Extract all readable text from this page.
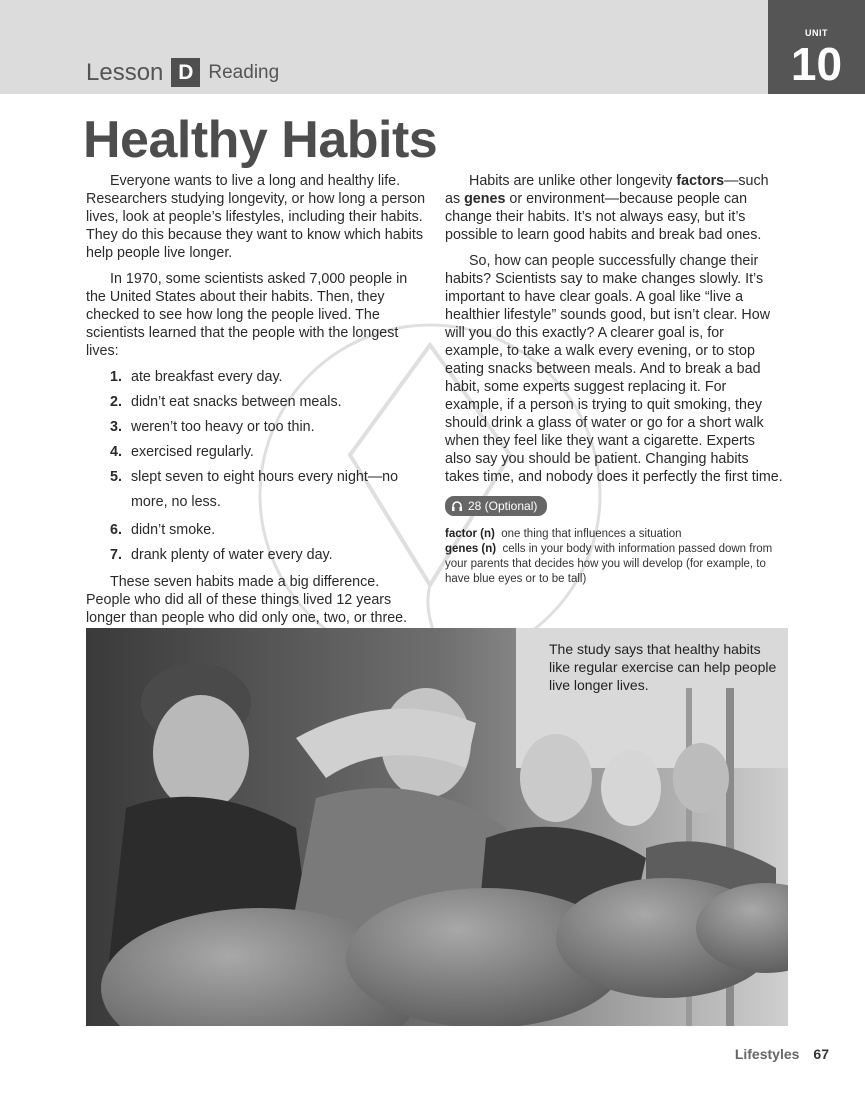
Lesson D Reading
UNIT
10
Healthy Habits

Everyone wants to live a long and healthy life. Researchers studying longevity, or how long a person lives, look at people’s lifestyles, including their habits. They do this because they want to know which habits help people live longer.

In 1970, some scientists asked 7,000 people in the United States about their habits. Then, they checked to see how long the people lived. The scientists learned that the people with the longest lives:

1. ate breakfast every day.
2. didn’t eat snacks between meals.
3. weren’t too heavy or too thin.
4. exercised regularly.
5. slept seven to eight hours every night—no more, no less.
6. didn’t smoke.
7. drank plenty of water every day.

These seven habits made a big difference. People who did all of these things lived 12 years longer than people who did only one, two, or three.

Habits are unlike other longevity factors—such as genes or environment—because people can change their habits. It’s not always easy, but it’s possible to learn good habits and break bad ones.

So, how can people successfully change their habits? Scientists say to make changes slowly. It’s important to have clear goals. A goal like “live a healthier lifestyle” sounds good, but isn’t clear. How will you do this exactly? A clearer goal is, for example, to take a walk every evening, or to stop eating snacks between meals. And to break a bad habit, some experts suggest replacing it. For example, if a person is trying to quit smoking, they should drink a glass of water or go for a short walk when they feel like they want a cigarette. Experts also say you should be patient. Changing habits takes time, and nobody does it perfectly the first time.

28 (Optional)
factor (n) one thing that influences a situation
genes (n) cells in your body with information passed down from your parents that decides how you will develop (for example, to have blue eyes or to be tall)
The study says that healthy habits like regular exercise can help people live longer lives.
Lifestyles 67
